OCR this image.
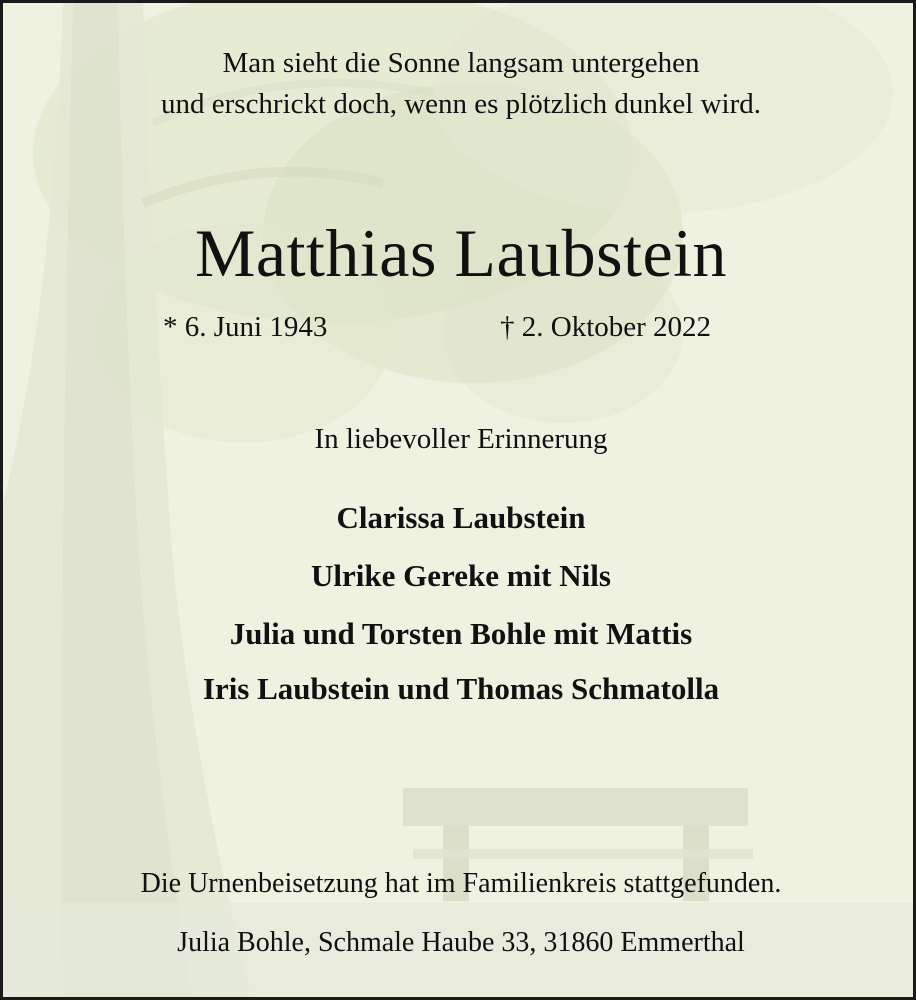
Man sieht die Sonne langsam untergehen
und erschrickt doch, wenn es plötzlich dunkel wird.
Matthias Laubstein
* 6. Juni 1943	† 2. Oktober 2022
In liebevoller Erinnerung
Clarissa Laubstein
Ulrike Gereke mit Nils
Julia und Torsten Bohle mit Mattis
Iris Laubstein und Thomas Schmatolla
Die Urnenbeisetzung hat im Familienkreis stattgefunden.
Julia Bohle, Schmale Haube 33, 31860 Emmerthal
